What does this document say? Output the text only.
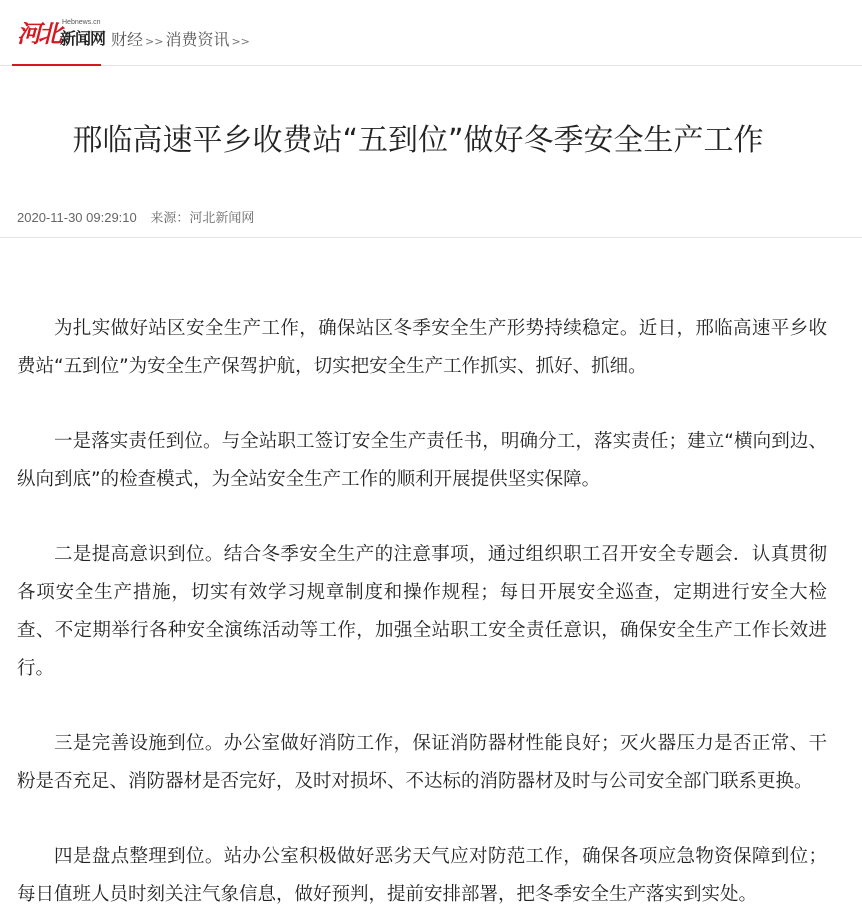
河北 Hebnews.cn
新闻网 财经 >> 消费资讯 >>
邢临高速平乡收费站“五到位”做好冬季安全生产工作
2020-11-30 09:29:10 来源：河北新闻网

为扎实做好站区安全生产工作，确保站区冬季安全生产形势持续稳定。近日，邢临高速平乡收费站“五到位”为安全生产保驾护航，切实把安全生产工作抓实、抓好、抓细。

一是落实责任到位。与全站职工签订安全生产责任书，明确分工，落实责任；建立“横向到边、纵向到底”的检查模式，为全站安全生产工作的顺利开展提供坚实保障。

二是提高意识到位。结合冬季安全生产的注意事项，通过组织职工召开安全专题会．认真贯彻各项安全生产措施，切实有效学习规章制度和操作规程；每日开展安全巡查，定期进行安全大检查、不定期举行各种安全演练活动等工作，加强全站职工安全责任意识，确保安全生产工作长效进行。

三是完善设施到位。办公室做好消防工作，保证消防器材性能良好；灭火器压力是否正常、干粉是否充足、消防器材是否完好，及时对损坏、不达标的消防器材及时与公司安全部门联系更换。

四是盘点整理到位。站办公室积极做好恶劣天气应对防范工作，确保各项应急物资保障到位；每日值班人员时刻关注气象信息，做好预判，提前安排部署，把冬季安全生产落实到实处。
